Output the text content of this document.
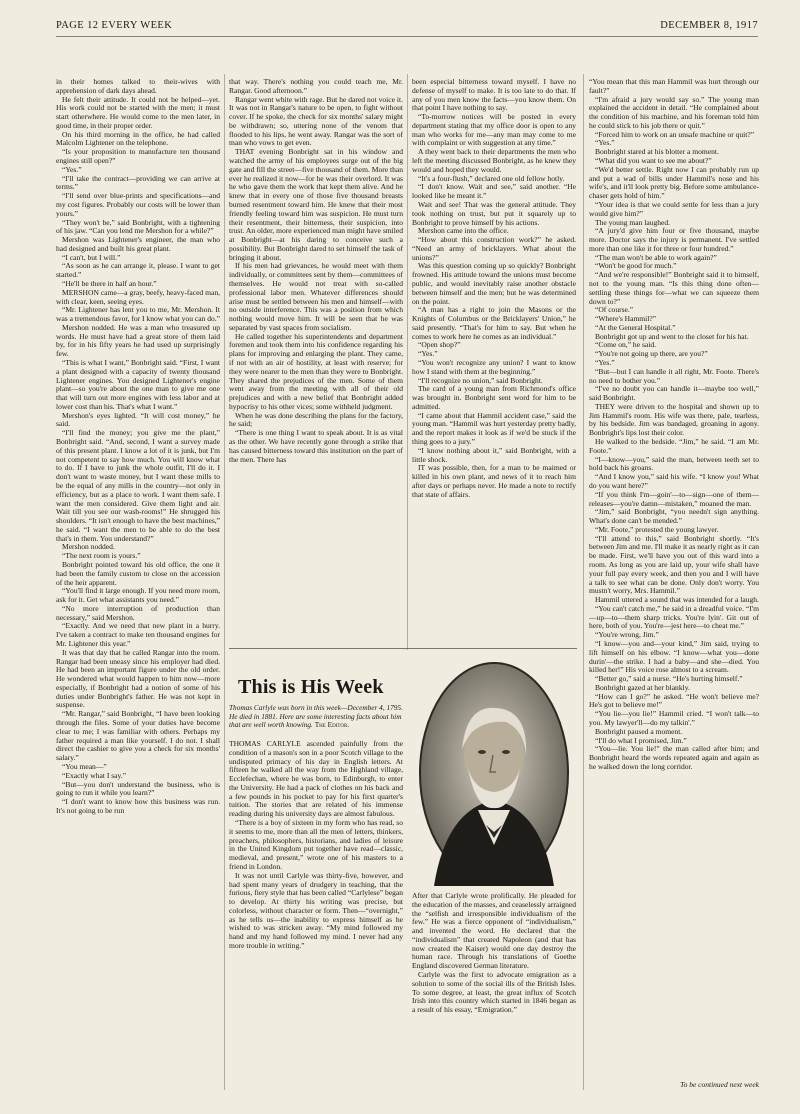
PAGE 12 EVERY WEEK	DECEMBER 8, 1917

in their homes talked to their-wives with apprehension of dark days ahead.

He felt their attitude. It could not be helped—yet. His work could not be started with the men; it must start otherwhere. He would come to the men later, in good time, in their proper order.

On his third morning in the office, he had called Malcolm Lightener on the telephone.

“Is your proposition to manufacture ten thousand engines still open?”

“Yes.”

“I'll take the contract—providing we can arrive at terms.”

“I'll send over blue-prints and specifications—and my cost figures. Probably our costs will be lower than yours.”

“They won't be,” said Bonbright, with a tightening of his jaw. “Can you lend me Mershon for a while?”

Mershon was Lightener's engineer, the man who had designed and built his great plant.

“I can't, but I will.”

“As soon as he can arrange it, please. I want to get started.”

“He'll be there in half an hour.”

MERSHON came—a gray, beefy, heavy-faced man, with clear, keen, seeing eyes.

“Mr. Lightener has lent you to me, Mr. Mershon. It was a tremendous favor, for I know what you can do.”

Mershon nodded. He was a man who treasured up words. He must have had a great store of them laid by, for in his fifty years he had used up surprisingly few.

“This is what I want,” Bonbright said. “First, I want a plant designed with a capacity of twenty thousand Lightener engines. You designed Lightener's engine plant—so you're about the one man to give me one that will turn out more engines with less labor and at lower cost than his. That's what I want.”

Mershon's eyes lighted. “It will cost money,” he said.

“I'll find the money; you give me the plant,” Bonbright said. “And, second, I want a survey made of this present plant. I know a lot of it is junk, but I'm not competent to say how much. You will know what to do. If I have to junk the whole outfit, I'll do it. I don't want to waste money, but I want these mills to be the equal of any mills in the country—not only in efficiency, but as a place to work. I want them safe. I want the men considered. Give them light and air. Wait till you see our wash-rooms!” He shrugged his shoulders. “It isn't enough to have the best machines,” he said. “I want the men to be able to do the best that's in them. You understand?”

Mershon nodded.

“The next room is yours.”

Bonbright pointed toward his old office, the one it had been the family custom to close on the accession of the heir apparent.

“You'll find it large enough. If you need more room, ask for it. Get what assistants you need.”

“No more interruption of production than necessary,” said Mershon.

“Exactly. And we need that new plant in a hurry. I've taken a contract to make ten thousand engines for Mr. Lightener this year.”

It was that day that he called Rangar into the room. Rangar had been uneasy since his employer had died. He had been an important figure under the old order. He wondered what would happen to him now—more especially, if Bonbright had a notion of some of his duties under Bonbright's father. He was not kept in suspense.

“Mr. Rangar,” said Bonbright, “I have been looking through the files. Some of your duties have become clear to me; I was familiar with others. Perhaps my father required a man like yourself. I do not. I shall direct the cashier to give you a check for six months' salary.”

“You mean—”

“Exactly what I say.”

“But—you don't understand the business, who is going to run it while you learn?”

“I don't want to know how this business was run. It's not going to be run

that way. There's nothing you could teach me, Mr. Rangar. Good afternoon.”

Rangar went white with rage. But he dared not voice it. It was not in Rangar's nature to be open, to fight without cover. If he spoke, the check for six months' salary might be withdrawn; so, uttering none of the venom that flooded to his lips, he went away. Rangar was the sort of man who vows to get even.

THAT evening Bonbright sat in his window and watched the army of his employees surge out of the big gate and fill the street—five thousand of them. More than ever he realized it now—for he was their overlord. It was he who gave them the work that kept them alive. And he knew that in every one of those five thousand breasts burned resentment toward him. He knew that their most friendly feeling toward him was suspicion. He must turn their resentment, their bitterness, their suspicion, into trust. An older, more experienced man might have smiled at Bonbright—at his daring to conceive such a possibility. But Bonbright dared to set himself the task of bringing it about.

If his men had grievances, he would meet with them individually, or committees sent by them—committees of themselves. He would not treat with so-called professional labor men. Whatever differences should arise must be settled between his men and himself—with no outside interference. This was a position from which nothing would move him. It will be seen that he was separated by vast spaces from socialism.

He called together his superintendents and department foremen and took them into his confidence regarding his plans for improving and enlarging the plant. They came, if not with an air of hostility, at least with reserve; for they were nearer to the men than they were to Bonbright. They shared the prejudices of the men. Some of them went away from the meeting with all of their old prejudices and with a new belief that Bonbright added hypocrisy to his other vices; some withheld judgment.

When he was done describing the plans for the factory, he said;

“There is one thing I want to speak about. It is as vital as the other. We have recently gone through a strike that has caused bitterness toward this institution on the part of the men. There has

been especial bitterness toward myself. I have no defense of myself to make. It is too late to do that. If any of you men know the facts—you know them. On that point I have nothing to say.

“To-morrow notices will be posted in every department stating that my office door is open to any man who works for me—any man may come to me with complaint or with suggestion at any time.”

A they went back to their departments the men who left the meeting discussed Bonbright, as he knew they would and hoped they would.

“It's a four-flush,” declared one old fellow hotly.

“I don't know. Wait and see,” said another. “He looked like he meant it.”

Wait and see! That was the general attitude. They took nothing on trust, but put it squarely up to Bonbright to prove himself by his actions.

Mershon came into the office.

“How about this construction work?” he asked. “Need an army of bricklayers. What about the unions?”

Was this question coming up so quickly? Bonbright frowned. His attitude toward the unions must become public, and would inevitably raise another obstacle between himself and the men; but he was determined on the point.

“A man has a right to join the Masons or the Knights of Columbus or the Bricklayers' Union,” he said presently. “That's for him to say. But when he comes to work here he comes as an individual.”

“Open shop?”

“Yes.”

“You won't recognize any union? I want to know how I stand with them at the beginning.”

“I'll recognize no union,” said Bonbright.

The card of a young man from Richmond's office was brought in. Bonbright sent word for him to be admitted.

“I came about that Hammil accident case,” said the young man. “Hammil was hurt yesterday pretty badly, and the report makes it look as if we'd be stuck if the thing goes to a jury.”

“I know nothing about it,” said Bonbright, with a little shock.

IT was possible, then, for a man to be maimed or killed in his own plant, and news of it to reach him after days or perhaps never. He made a note to rectify that state of affairs.

“You mean that this man Hammil was hurt through our fault?”

“I'm afraid a jury would say so.” The young man explained the accident in detail. “He complained about the condition of his machine, and his foreman told him he could stick to his job there or quit.”

“Forced him to work on an unsafe machine or quit?”

“Yes.”

Bonbright stared at his blotter a moment.

“What did you want to see me about?”

“We'd better settle. Right now I can probably run up and put a wad of bills under Hammil's nose and his wife's, and it'll look pretty big. Before some ambulance-chaser gets hold of him.”

“Your idea is that we could settle for less than a jury would give him?”

The young man laughed.

“A jury'd give him four or five thousand, maybe more. Doctor says the injury is permanent. I've settled more than one like it for three or four hundred.”

“The man won't be able to work again?”

“Won't be good for much.”

“And we're responsible!” Bonbright said it to himself, not to the young man. “Is this thing done often—settling these things for—what we can squeeze them down to?”

“Of course.”

“Where's Hammil?”

“At the General Hospital.”

Bonbright got up and went to the closet for his hat.

“Come on,” he said.

“You're not going up there, are you?”

“Yes.”

“But—but I can handle it all right, Mr. Foote. There's no need to bother you.”

“I've no doubt you can handle it—maybe too well,” said Bonbright.

THEY were driven to the hospital and shown up to Jim Hammil's room. His wife was there, pale, tearless, by his bedside. Jim was bandaged, groaning in agony. Bonbright's lips lost their color.

He walked to the bedside. “Jim,” he said. “I am Mr. Foote.”

“I—know—you,” said the man, between teeth set to hold back his groans.

“And I know you,” said his wife. “I know you! What do you want here?”

“If you think I'm—goin'—to—sign—one of them—releases—you're damn—mistaken,” moaned the man.

“Jim,” said Bonbright, “you needn't sign anything. What's done can't be mended.”

“Mr. Foote,” protested the young lawyer.

“I'll attend to this,” said Bonbright shortly. “It's between Jim and me. I'll make it as nearly right as it can be made. First, we'll have you out of this ward into a room. As long as you are laid up, your wife shall have your full pay every week, and then you and I will have a talk to see what can be done. Only don't worry. You mustn't worry, Mrs. Hammil.”

Hammil uttered a sound that was intended for a laugh.

“You can't catch me,” he said in a dreadful voice. “I'm—up—to—them sharp tricks. You're lyin'. Git out of here, both of you. You're—jest here—to cheat me.”

“You're wrong, Jim.”

“I know—you and—your kind,” Jim said, trying to lift himself on his elbow. “I know—what you—done durin'—the strike. I had a baby—and she—died. You killed her!” His voice rose almost to a scream.

“Better go,” said a nurse. “He's hurting himself.”

Bonbright gazed at her blankly.

“How can I go?” he asked. “He won't believe me? He's got to believe me!”

“You lie—you lie!” Hammil cried. “I won't talk—to you. My lawyer'll—do my talkin'.”

Bonbright paused a moment.

“I'll do what I promised, Jim.”

“You—lie. You lie!” the man called after him; and Bonbright heard the words repeated again and again as he walked down the long corridor.

This is His Week
Thomas Carlyle was born in this week—December 4, 1795. He died in 1881. Here are some interesting facts about him that are well worth knowing. The Editor.

THOMAS CARLYLE ascended painfully from the condition of a mason's son in a poor Scotch village to the undisputed primacy of his day in English letters. At fifteen he walked all the way from the Highland village, Ecclefechan, where he was born, to Edinburgh, to enter the University. He had a pack of clothes on his back and a few pounds in his pocket to pay for his first quarter's tuition. The stories that are related of his immense reading during his university days are almost fabulous.

“There is a boy of sixteen in my form who has read, so it seems to me, more than all the men of letters, thinkers, preachers, philosophers, historians, and ladies of leisure in the United Kingdom put together have read—classic, medieval, and present,” wrote one of his masters to a friend in London.

It was not until Carlyle was thirty-five, however, and had spent many years of drudgery in teaching, that the furious, fiery style that has been called “Carlylese” began to develop. At thirty his writing was precise, but colorless, without character or form. Then—“overnight,” as he tells us—the inability to express himself as he wished to was stricken away. “My mind followed my hand and my hand followed my mind. I never had any more trouble in writing.”

After that Carlyle wrote prolifically. He pleaded for the education of the masses, and ceaselessly arraigned the “selfish and irresponsible individualism of the few.” He was a fierce opponent of “individualism,” and invented the word. He declared that the “individualism” that created Napoleon (and that has now created the Kaiser) would one day destroy the human race. Through his translations of Goethe England discovered German literature.

Carlyle was the first to advocate emigration as a solution to some of the social ills of the British Isles. To some degree, at least, the great influx of Scotch Irish into this country which started in 1846 began as a result of his essay, “Emigration.”

To be continued next week
